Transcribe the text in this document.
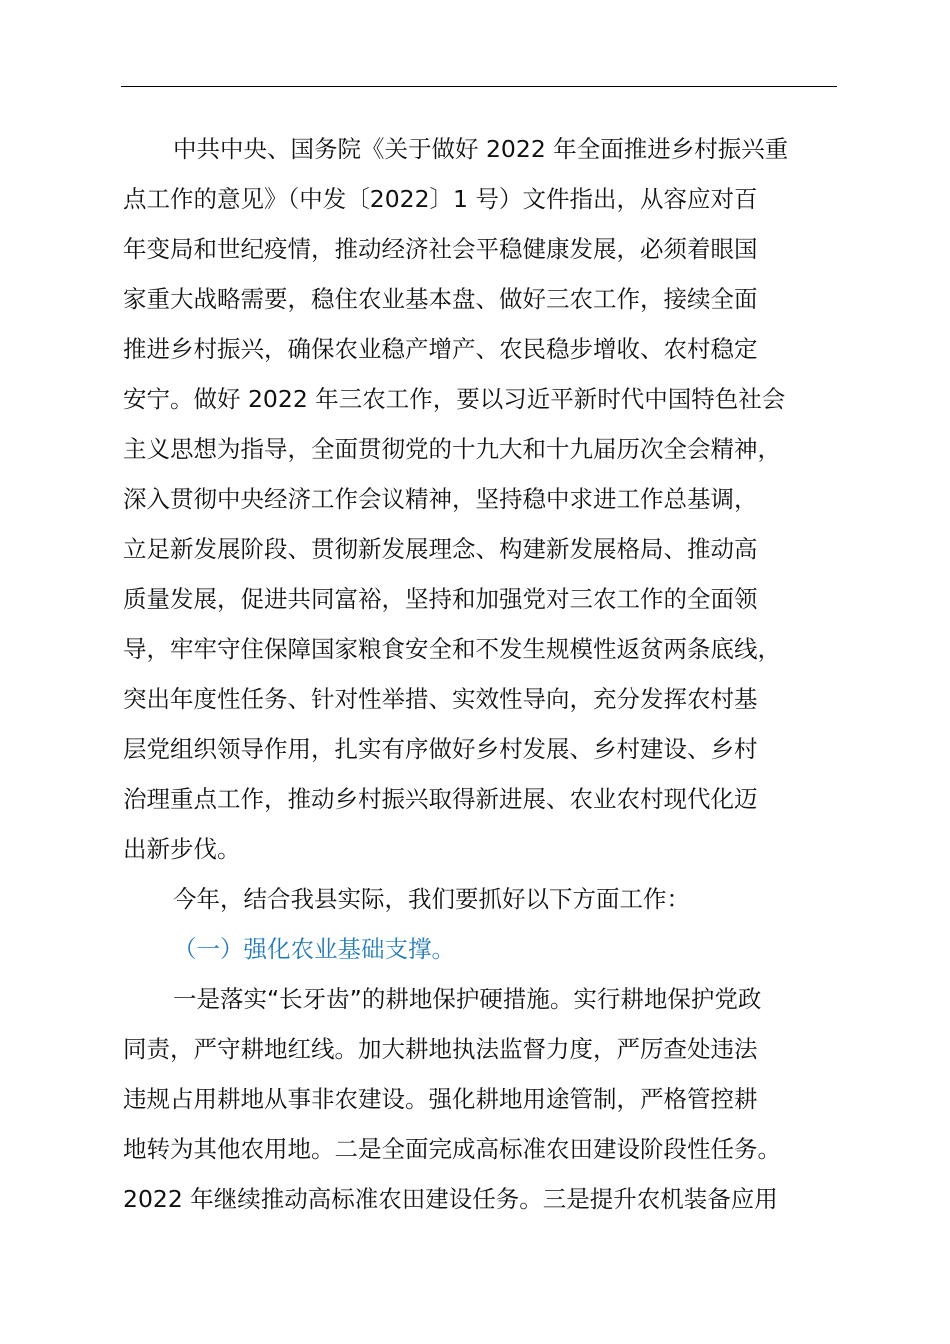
中共中央、国务院《关于做好 2022 年全面推进乡村振兴重
点工作的意见》（中发〔2022〕1 号）文件指出，从容应对百
年变局和世纪疫情，推动经济社会平稳健康发展，必须着眼国
家重大战略需要，稳住农业基本盘、做好三农工作，接续全面
推进乡村振兴，确保农业稳产增产、农民稳步增收、农村稳定
安宁。做好 2022 年三农工作，要以习近平新时代中国特色社会
主义思想为指导，全面贯彻党的十九大和十九届历次全会精神，
深入贯彻中央经济工作会议精神，坚持稳中求进工作总基调，
立足新发展阶段、贯彻新发展理念、构建新发展格局、推动高
质量发展，促进共同富裕，坚持和加强党对三农工作的全面领
导，牢牢守住保障国家粮食安全和不发生规模性返贫两条底线，
突出年度性任务、针对性举措、实效性导向，充分发挥农村基
层党组织领导作用，扎实有序做好乡村发展、乡村建设、乡村
治理重点工作，推动乡村振兴取得新进展、农业农村现代化迈
出新步伐。
今年，结合我县实际，我们要抓好以下方面工作：
（一）强化农业基础支撑。
一是落实“长牙齿”的耕地保护硬措施。实行耕地保护党政
同责，严守耕地红线。加大耕地执法监督力度，严厉查处违法
违规占用耕地从事非农建设。强化耕地用途管制，严格管控耕
地转为其他农用地。二是全面完成高标准农田建设阶段性任务。
2022 年继续推动高标准农田建设任务。三是提升农机装备应用
